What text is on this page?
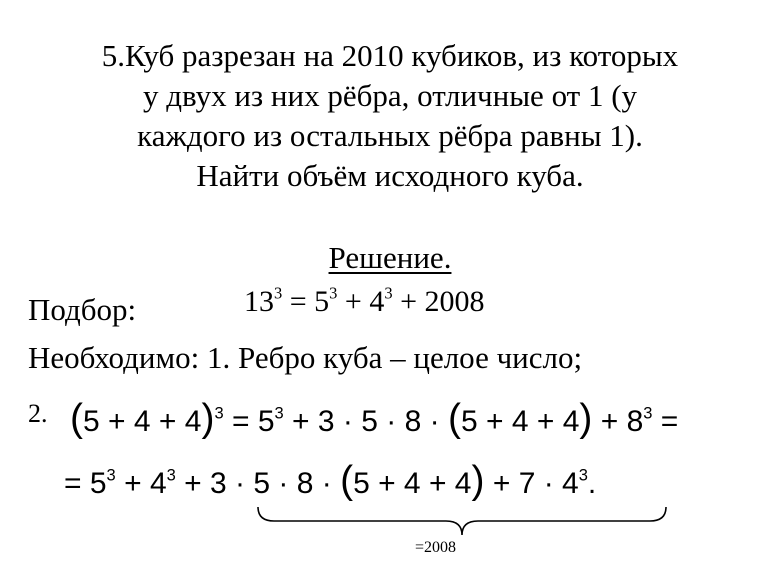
5.Куб разрезан на 2010 кубиков, из которых
у двух из них рёбра, отличные от 1 (у
каждого из остальных рёбра равны 1).
Найти объём исходного куба.
Решение.
Подбор:	$13^3 = 5^3 + 4^3 + 2008$
Необходимо: 1. Ребро куба – целое число;
2. $(5 + 4 + 4)^3 = 5^3 + 3 \cdot 5 \cdot 8 \cdot (5 + 4 + 4) + 8^3$ =
= $5^3 + 4^3 + 3 \cdot 5 \cdot 8 \cdot (5 + 4 + 4) + 7 \cdot 4^3$.
=2008
